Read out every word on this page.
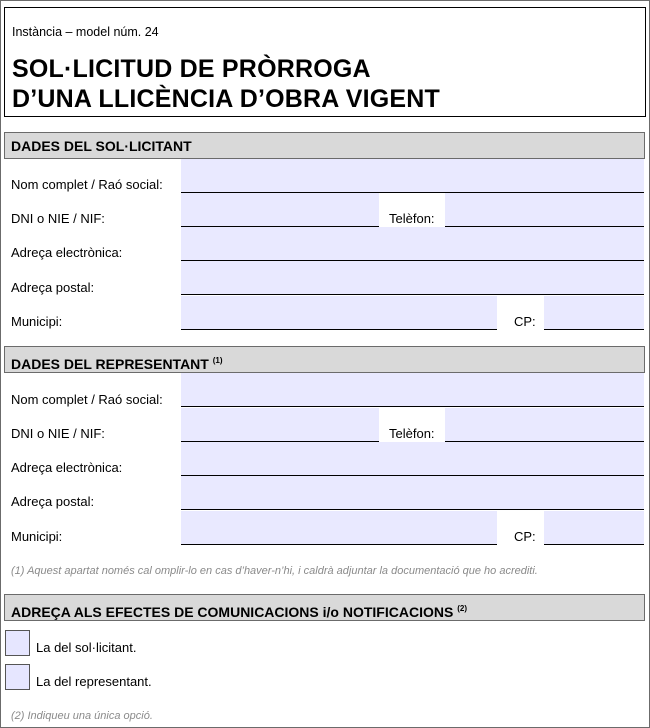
Instància – model núm. 24
SOL·LICITUD DE PRÒRROGA
D’UNA LLICÈNCIA D’OBRA VIGENT
DADES DEL SOL·LICITANT
Nom complet / Raó social:
DNI o NIE / NIF:	Telèfon:
Adreça electrònica:
Adreça postal:
Municipi:	CP:
DADES DEL REPRESENTANT $^{(1)}$
Nom complet / Raó social:
DNI o NIE / NIF:	Telèfon:
Adreça electrònica:
Adreça postal:
Municipi:	CP:
(1) Aquest apartat només cal omplir-lo en cas d’haver-n’hi, i caldrà adjuntar la documentació que ho acrediti.
ADREÇA ALS EFECTES DE COMUNICACIONS i/o NOTIFICACIONS $^{(2)}$
La del sol·licitant.
La del representant.
(2) Indiqueu una única opció.
